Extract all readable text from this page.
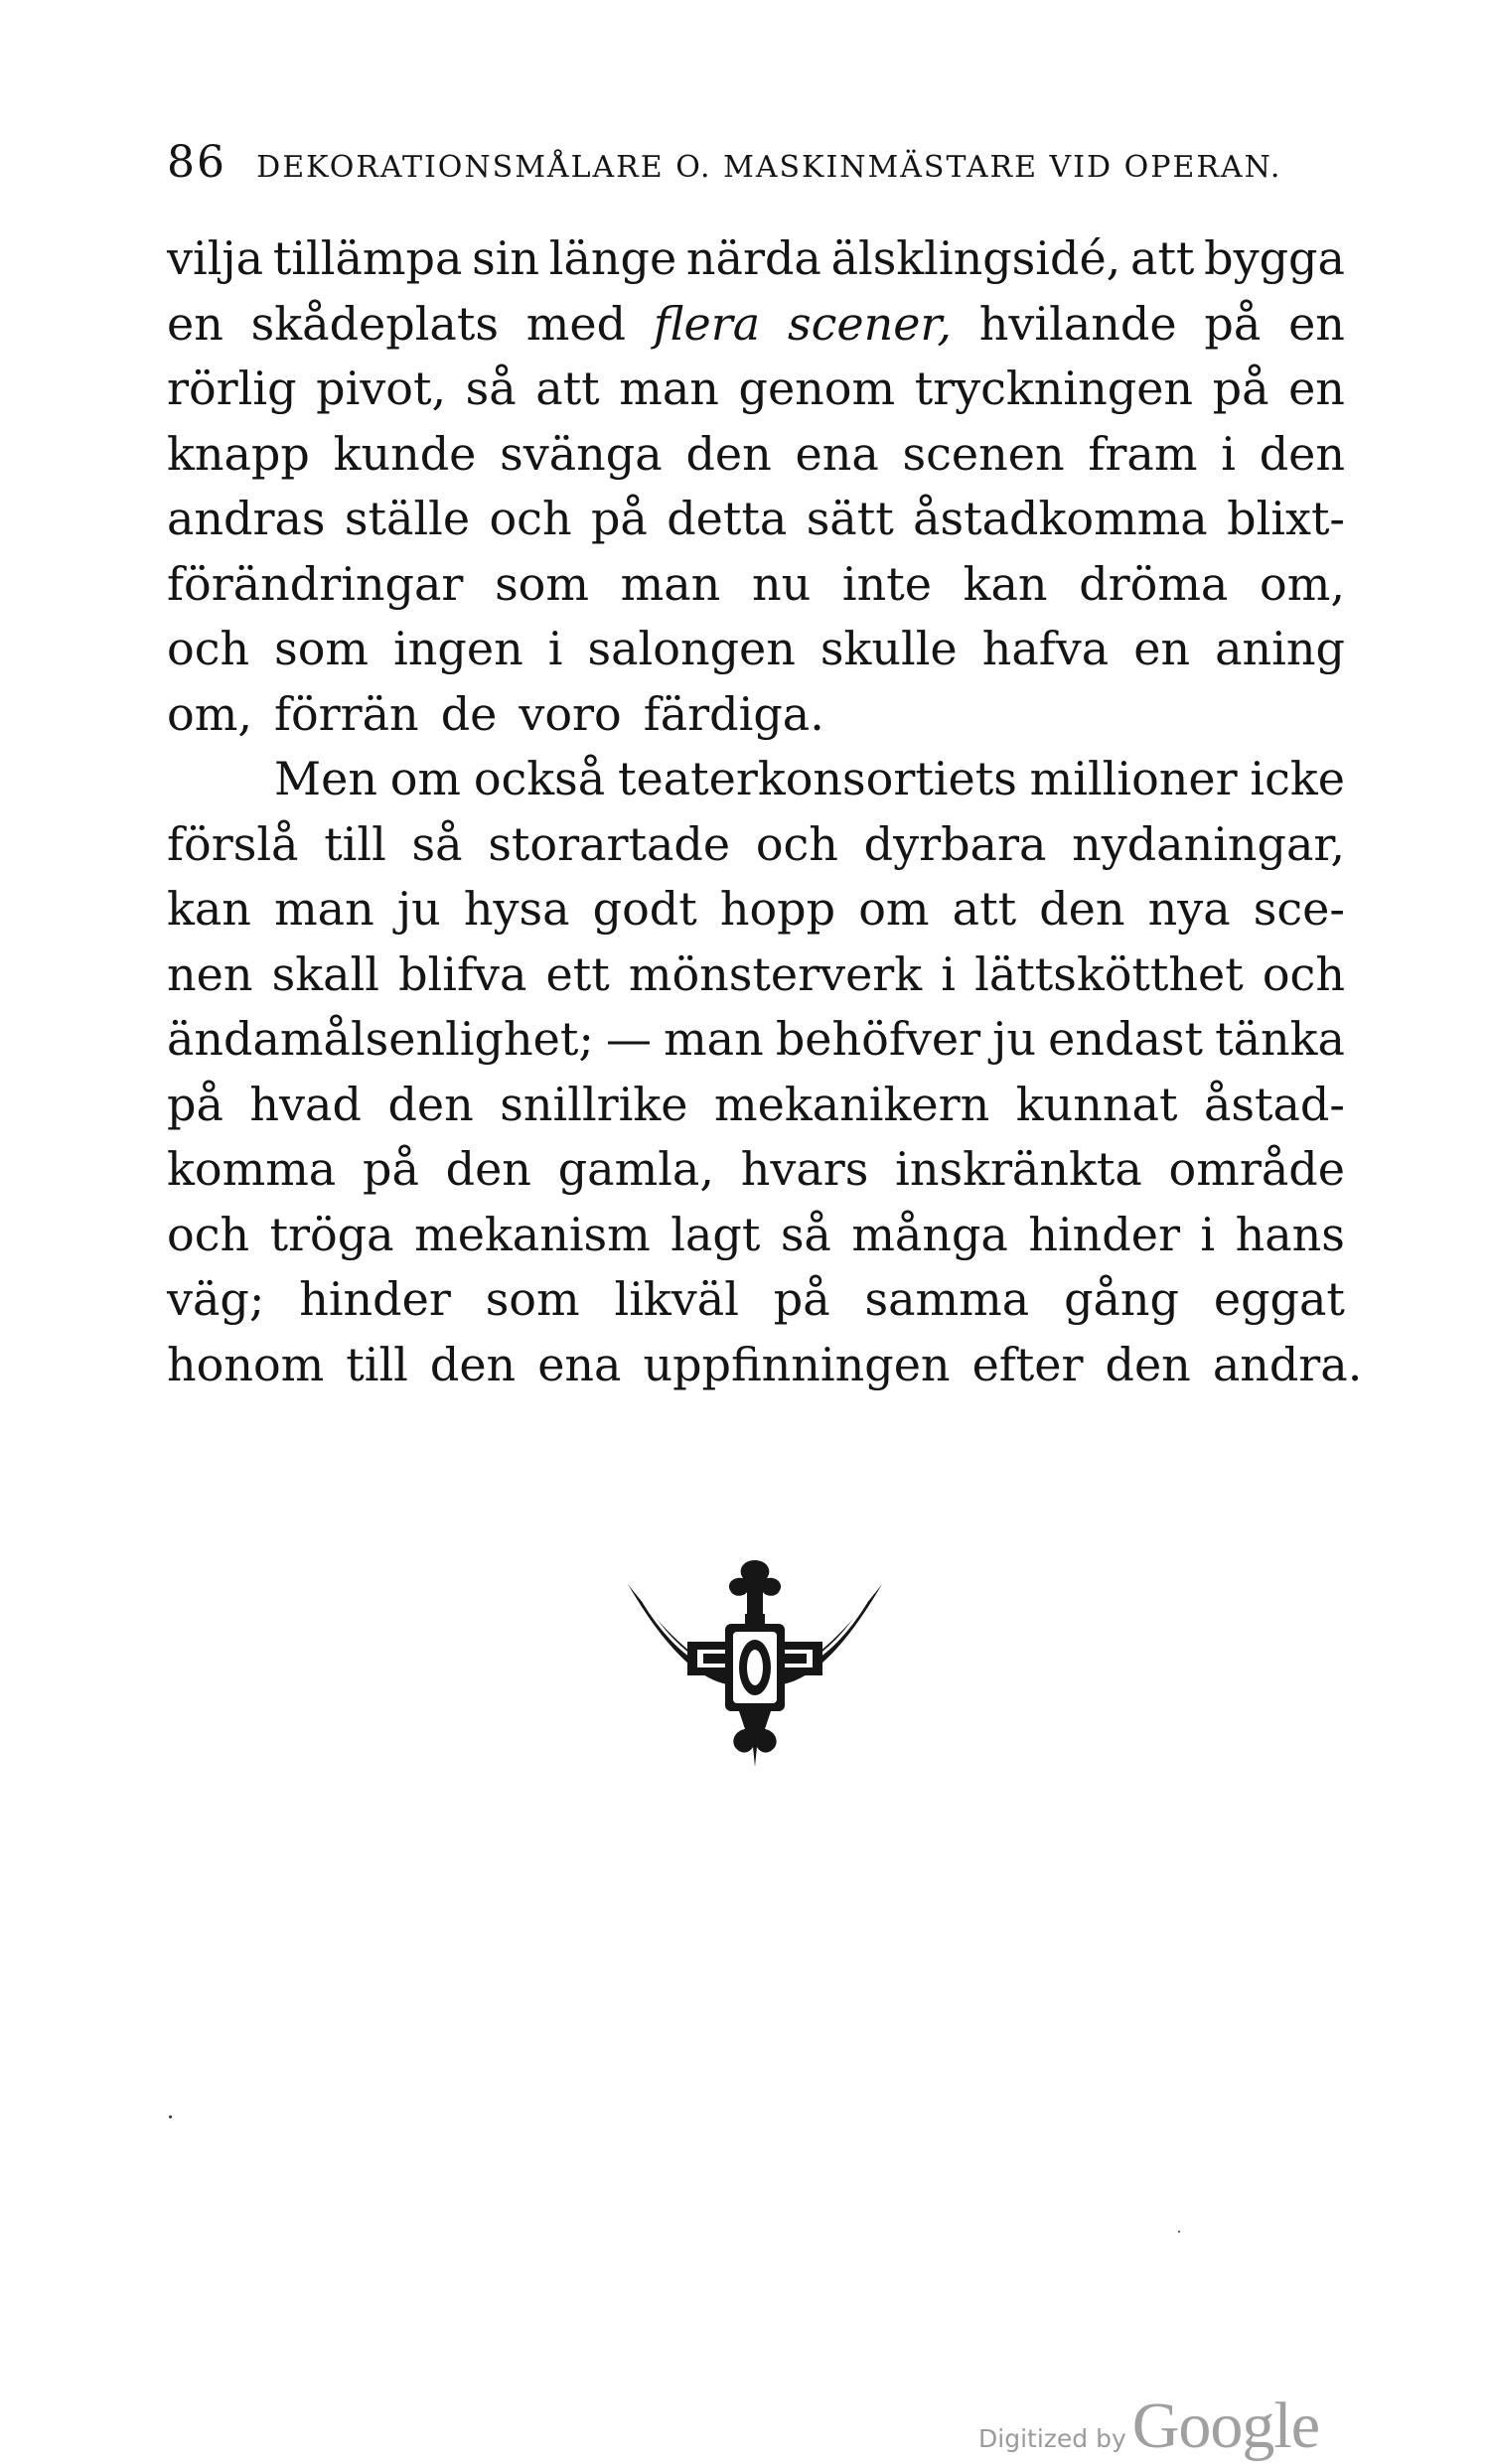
86 DEKORATIONSMÅLARE O. MASKINMÄSTARE VID OPERAN.
vilja tillämpa sin länge närda älsklingsidé, att bygga
en skådeplats med flera scener, hvilande på en
rörlig pivot, så att man genom tryckningen på en
knapp kunde svänga den ena scenen fram i den
andras ställe och på detta sätt åstadkomma blixt-
förändringar som man nu inte kan dröma om,
och som ingen i salongen skulle hafva en aning
om, förrän de voro färdiga.
Men om också teaterkonsortiets millioner icke
förslå till så storartade och dyrbara nydaningar,
kan man ju hysa godt hopp om att den nya sce-
nen skall blifva ett mönsterverk i lättskötthet och
ändamålsenlighet; — man behöfver ju endast tänka
på hvad den snillrike mekanikern kunnat åstad-
komma på den gamla, hvars inskränkta område
och tröga mekanism lagt så många hinder i hans
väg; hinder som likväl på samma gång eggat
honom till den ena uppfinningen efter den andra.
Digitized by Google
